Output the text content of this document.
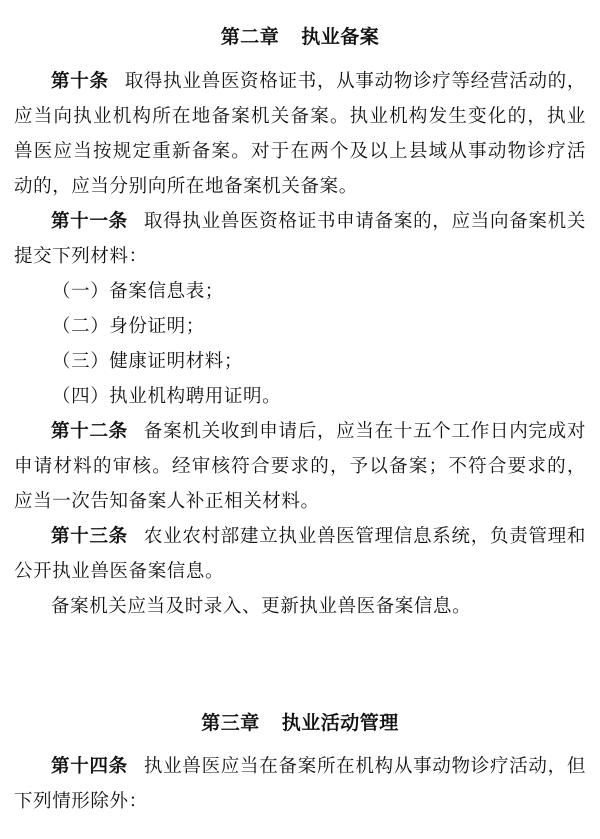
第二章 执业备案

第十条 取得执业兽医资格证书，从事动物诊疗等经营活动的，应当向执业机构所在地备案机关备案。执业机构发生变化的，执业兽医应当按规定重新备案。对于在两个及以上县域从事动物诊疗活动的，应当分别向所在地备案机关备案。

第十一条 取得执业兽医资格证书申请备案的，应当向备案机关提交下列材料：

（一）备案信息表；

（二）身份证明；

（三）健康证明材料；

（四）执业机构聘用证明。

第十二条 备案机关收到申请后，应当在十五个工作日内完成对申请材料的审核。经审核符合要求的，予以备案；不符合要求的，应当一次告知备案人补正相关材料。

第十三条 农业农村部建立执业兽医管理信息系统，负责管理和公开执业兽医备案信息。

备案机关应当及时录入、更新执业兽医备案信息。

第三章 执业活动管理

第十四条 执业兽医应当在备案所在机构从事动物诊疗活动，但下列情形除外：
